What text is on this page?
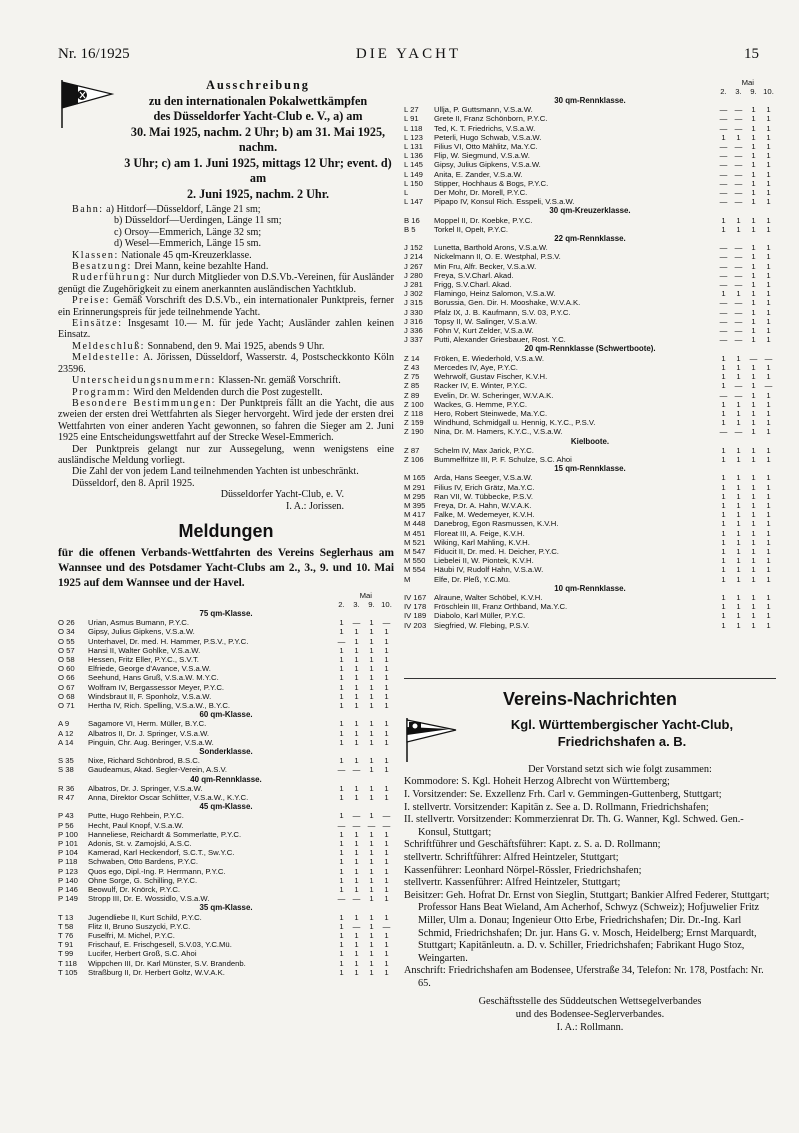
Nr. 16/1925	DIE YACHT	15
Ausschreibung
zu den internationalen Pokalwettkämpfen
des Düsseldorfer Yacht-Club e. V., a) am
30. Mai 1925, nachm. 2 Uhr; b) am 31. Mai 1925, nachm.
3 Uhr; c) am 1. Juni 1925, mittags 12 Uhr; event. d) am
2. Juni 1925, nachm. 2 Uhr.

Bahn: a) Hitdorf—Düsseldorf, Länge 21 sm;

b) Düsseldorf—Uerdingen, Länge 11 sm;

c) Orsoy—Emmerich, Länge 32 sm;

d) Wesel—Emmerich, Länge 15 sm.

Klassen: Nationale 45 qm-Kreuzerklasse.

Besatzung: Drei Mann, keine bezahlte Hand.

Ruderführung: Nur durch Mitglieder von D.S.Vb.-Vereinen, für Ausländer genügt die Zugehörigkeit zu einem anerkannten ausländischen Yachtklub.

Preise: Gemäß Vorschrift des D.S.Vb., ein internationaler Punktpreis, ferner ein Erinnerungspreis für jede teilnehmende Yacht.

Einsätze: Insgesamt 10.— M. für jede Yacht; Ausländer zahlen keinen Einsatz.

Meldeschluß: Sonnabend, den 9. Mai 1925, abends 9 Uhr.

Meldestelle: A. Jörissen, Düsseldorf, Wasserstr. 4, Postscheckkonto Köln 23596.

Unterscheidungsnummern: Klassen-Nr. gemäß Vorschrift.

Programm: Wird den Meldenden durch die Post zugestellt.

Besondere Bestimmungen: Der Punktpreis fällt an die Yacht, die aus zweien der ersten drei Wettfahrten als Sieger hervorgeht. Wird jede der ersten drei Wettfahrten von einer anderen Yacht gewonnen, so fahren die Sieger am 2. Juni 1925 eine Entscheidungswettfahrt auf der Strecke Wesel-Emmerich.

Der Punktpreis gelangt nur zur Aussegelung, wenn wenigstens eine ausländische Meldung vorliegt.

Die Zahl der von jedem Land teilnehmenden Yachten ist unbeschränkt.

Düsseldorf, den 8. April 1925.

Düsseldorfer Yacht-Club, e. V.
I. A.: Jorissen.
Meldungen
für die offenen Verbands-Wettfahrten des Vereins Seglerhaus am Wannsee und des Potsdamer Yacht-Clubs am 2., 3., 9. und 10. Mai 1925 auf dem Wannsee und der Havel.
Mai
2. 3. 9. 10.
75 qm-Klasse.					
O 26	Urian, Asmus Bumann, P.Y.C.	1	—	1	—
O 34	Gipsy, Julius Gipkens, V.S.a.W.	1	1	1	1
O 55	Unterhavel, Dr. med. H. Hammer, P.S.V., P.Y.C.	—	1	1	1
O 57	Hansi II, Walter Gohlke, V.S.a.W.	1	1	1	1
O 58	Hessen, Fritz Eller, P.Y.C., S.V.T.	1	1	1	1
O 60	Elfriede, George d'Avance, V.S.a.W.	1	1	1	1
O 66	Seehund, Hans Gruß, V.S.a.W. M.Y.C.	1	1	1	1
O 67	Wolfram IV, Bergassessor Meyer, P.Y.C.	1	1	1	1
O 68	Windsbraut II, F. Sponholz, V.S.a.W.	1	1	1	1
O 71	Hertha IV, Rich. Spelling, V.S.a.W., B.Y.C.	1	1	1	1
60 qm-Klasse.					
A 9	Sagamore VI, Herm. Müller, B.Y.C.	1	1	1	1
A 12	Albatros II, Dr. J. Springer, V.S.a.W.	1	1	1	1
A 14	Pinguin, Chr. Aug. Beringer, V.S.a.W.	1	1	1	1
Sonderklasse.					
S 35	Nixe, Richard Schönbrod, B.S.C.	1	1	1	1
S 38	Gaudeamus, Akad. Segler-Verein, A.S.V.	—	—	1	1
40 qm-Rennklasse.					
R 36	Albatros, Dr. J. Springer, V.S.a.W.	1	1	1	1
R 47	Anna, Direktor Oscar Schlitter, V.S.a.W., K.Y.C.	1	1	1	1
45 qm-Klasse.					
P 43	Putte, Hugo Rehbein, P.Y.C.	1	—	1	—
P 56	Hecht, Paul Knopf, V.S.a.W.	—	—	—	—
P 100	Hanneliese, Reichardt & Sommerlatte, P.Y.C.	1	1	1	1
P 101	Adonis, St. v. Zamojski, A.S.C.	1	1	1	1
P 104	Kamerad, Karl Heckendorf, S.C.T., Sw.Y.C.	1	1	1	1
P 118	Schwaben, Otto Bardens, P.Y.C.	1	1	1	1
P 123	Quos ego, Dipl.-Ing. P. Herrmann, P.Y.C.	1	1	1	1
P 140	Ohne Sorge, G. Schilling, P.Y.C.	1	1	1	1
P 146	Beowulf, Dr. Knörck, P.Y.C.	1	1	1	1
P 149	Stropp III, Dr. E. Wossidlo, V.S.a.W.	—	—	1	1
35 qm-Klasse.					
T 13	Jugendliebe II, Kurt Schild, P.Y.C.	1	1	1	1
T 58	Flitz II, Bruno Suszycki, P.Y.C.	1	—	1	—
T 76	Fuselfri, M. Michel, P.Y.C.	1	1	1	1
T 91	Frischauf, E. Frischgesell, S.V.03, Y.C.Mü.	1	1	1	1
T 99	Lucifer, Herbert Groß, S.C. Ahoi	1	1	1	1
T 118	Wippchen III, Dr. Karl Münster, S.V. Brandenb.	1	1	1	1
T 105	Straßburg II, Dr. Herbert Goltz, W.V.A.K.	1	1	1	1
Mai
2. 3. 9. 10.
30 qm-Rennklasse.					
L 27	Ullja, P. Guttsmann, V.S.a.W.	—	—	1	1
L 91	Grete II, Franz Schönborn, P.Y.C.	—	—	1	1
L 118	Ted, K. T. Friedrichs, V.S.a.W.	—	—	1	1
L 123	Peterli, Hugo Schwab, V.S.a.W.	1	1	1	1
L 131	Filius VI, Otto Mählitz, Ma.Y.C.	—	—	1	1
L 136	Flip, W. Siegmund, V.S.a.W.	—	—	1	1
L 145	Gipsy, Julius Gipkens, V.S.a.W.	—	—	1	1
L 149	Anita, E. Zander, V.S.a.W.	—	—	1	1
L 150	Stipper, Hochhaus & Bogs, P.Y.C.	—	—	1	1
L	Der Mohr, Dr. Morell, P.Y.C.	—	—	1	1
L 147	Pipapo IV, Konsul Rich. Esspeli, V.S.a.W.	—	—	1	1
30 qm-Kreuzerklasse.					
B 16	Moppel II, Dr. Koebke, P.Y.C.	1	1	1	1
B 5	Torkel II, Opelt, P.Y.C.	1	1	1	1
22 qm-Rennklasse.					
J 152	Lunetta, Barthold Arons, V.S.a.W.	—	—	1	1
J 214	Nickelmann II, O. E. Westphal, P.S.V.	—	—	1	1
J 267	Min Fru, Alfr. Becker, V.S.a.W.	—	—	1	1
J 280	Freya, S.V.Charl. Akad.	—	—	1	1
J 281	Frigg, S.V.Charl. Akad.	—	—	1	1
J 302	Flamingo, Heinz Salomon, V.S.a.W.	1	1	1	1
J 315	Borussia, Gen. Dir. H. Mooshake, W.V.A.K.	—	—	1	1
J 330	Pfalz IX, J. B. Kaufmann, S.V. 03, P.Y.C.	—	—	1	1
J 316	Topsy II, W. Salinger, V.S.a.W.	—	—	1	1
J 336	Föhn V, Kurt Zelder, V.S.a.W.	—	—	1	1
J 337	Putti, Alexander Griesbauer, Rost. Y.C.	—	—	1	1
20 qm-Rennklasse (Schwertboote).					
Z 14	Fröken, E. Wiederhold, V.S.a.W.	1	1	—	—
Z 43	Mercedes IV, Aye, P.Y.C.	1	1	1	1
Z 75	Wehrwolf, Gustav Fischer, K.V.H.	1	1	1	1
Z 85	Racker IV, E. Winter, P.Y.C.	1	—	1	—
Z 89	Evelin, Dr. W. Scheringer, W.V.A.K.	—	—	1	1
Z 100	Wackes, G. Hemme, P.Y.C.	1	1	1	1
Z 118	Hero, Robert Steinwede, Ma.Y.C.	1	1	1	1
Z 159	Windhund, Schmidgall u. Hennig, K.Y.C., P.S.V.	1	1	1	1
Z 190	Nina, Dr. M. Hamers, K.Y.C., V.S.a.W.	—	—	1	1
Kielboote.					
Z 87	Schelm IV, Max Jarick, P.Y.C.	1	1	1	1
Z 106	Bummelfritze III, P. F. Schulze, S.C. Ahoi	1	1	1	1
15 qm-Rennklasse.					
M 165	Arda, Hans Seeger, V.S.a.W.	1	1	1	1
M 291	Filius IV, Erich Grätz, Ma.Y.C.	1	1	1	1
M 295	Ran VII, W. Tübbecke, P.S.V.	1	1	1	1
M 395	Freya, Dr. A. Hahn, W.V.A.K.	1	1	1	1
M 417	Falke, M. Wedemeyer, K.V.H.	1	1	1	1
M 448	Danebrog, Egon Rasmussen, K.V.H.	1	1	1	1
M 451	Floreat III, A. Feige, K.V.H.	1	1	1	1
M 521	Wiking, Karl Mahling, K.V.H.	1	1	1	1
M 547	Fiducit II, Dr. med. H. Deicher, P.Y.C.	1	1	1	1
M 550	Liebelei II, W. Piontek, K.V.H.	1	1	1	1
M 554	Häubi IV, Rudolf Hahn, V.S.a.W.	1	1	1	1
M	Elfe, Dr. Pleß, Y.C.Mü.	1	1	1	1
10 qm-Rennklasse.					
IV 167	Alraune, Walter Schöbel, K.V.H.	1	1	1	1
IV 178	Fröschlein III, Franz Orthband, Ma.Y.C.	1	1	1	1
IV 189	Diabolo, Karl Müller, P.Y.C.	1	1	1	1
IV 203	Siegfried, W. Flebing, P.S.V.	1	1	1	1
Vereins-Nachrichten
Kgl. Württembergischer Yacht-Club,
Friedrichshafen a. B.
Der Vorstand setzt sich wie folgt zusammen:

Kommodore: S. Kgl. Hoheit Herzog Albrecht von Württemberg;

I. Vorsitzender: Se. Exzellenz Frh. Carl v. Gemmingen-Guttenberg, Stuttgart;

I. stellvertr. Vorsitzender: Kapitän z. See a. D. Rollmann, Friedrichshafen;

II. stellvertr. Vorsitzender: Kommerzienrat Dr. Th. G. Wanner, Kgl. Schwed. Gen.-Konsul, Stuttgart;

Schriftführer und Geschäftsführer: Kapt. z. S. a. D. Rollmann;

stellvertr. Schriftführer: Alfred Heintzeler, Stuttgart;

Kassenführer: Leonhard Nörpel-Rössler, Friedrichshafen;

stellvertr. Kassenführer: Alfred Heintzeler, Stuttgart;

Beisitzer: Geh. Hofrat Dr. Ernst von Sieglin, Stuttgart; Bankier Alfred Federer, Stuttgart; Professor Hans Beat Wieland, Am Acherhof, Schwyz (Schweiz); Hofjuwelier Fritz Miller, Ulm a. Donau; Ingenieur Otto Erbe, Friedrichshafen; Dir. Dr.-Ing. Karl Schmid, Friedrichshafen; Dr. jur. Hans G. v. Mosch, Heidelberg; Ernst Marquardt, Stuttgart; Kapitänleutn. a. D. v. Schiller, Friedrichshafen; Fabrikant Hugo Stoz, Weingarten.

Anschrift: Friedrichshafen am Bodensee, Uferstraße 34, Telefon: Nr. 178, Postfach: Nr. 65.

Geschäftsstelle des Süddeutschen Wettsegelverbandes
und des Bodensee-Seglerverbandes.
I. A.: Rollmann.
